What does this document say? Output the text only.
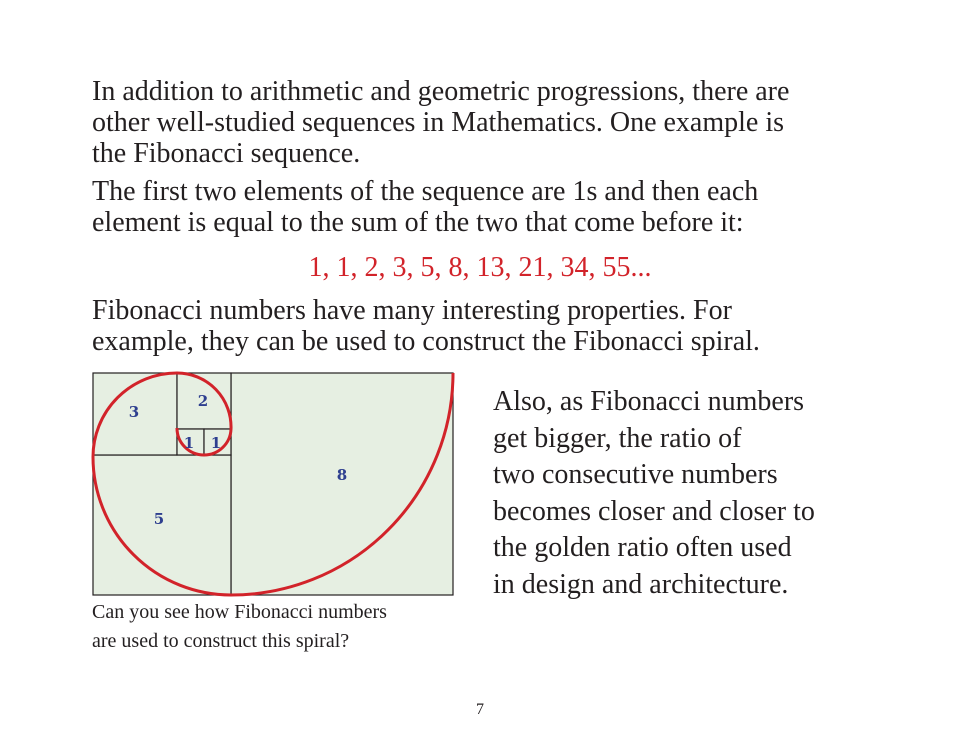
In addition to arithmetic and geometric progressions, there are
other well-studied sequences in Mathematics. One example is
the Fibonacci sequence.
The first two elements of the sequence are 1s and then each
element is equal to the sum of the two that come before it:

1, 1, 2, 3, 5, 8, 13, 21, 34, 55...

Fibonacci numbers have many interesting properties. For
example, they can be used to construct the Fibonacci spiral.
3
2
1 1
8
5
Can you see how Fibonacci numbers
are used to construct this spiral?
Also, as Fibonacci numbers
get bigger, the ratio of
two consecutive numbers
becomes closer and closer to
the golden ratio often used
in design and architecture.
7
